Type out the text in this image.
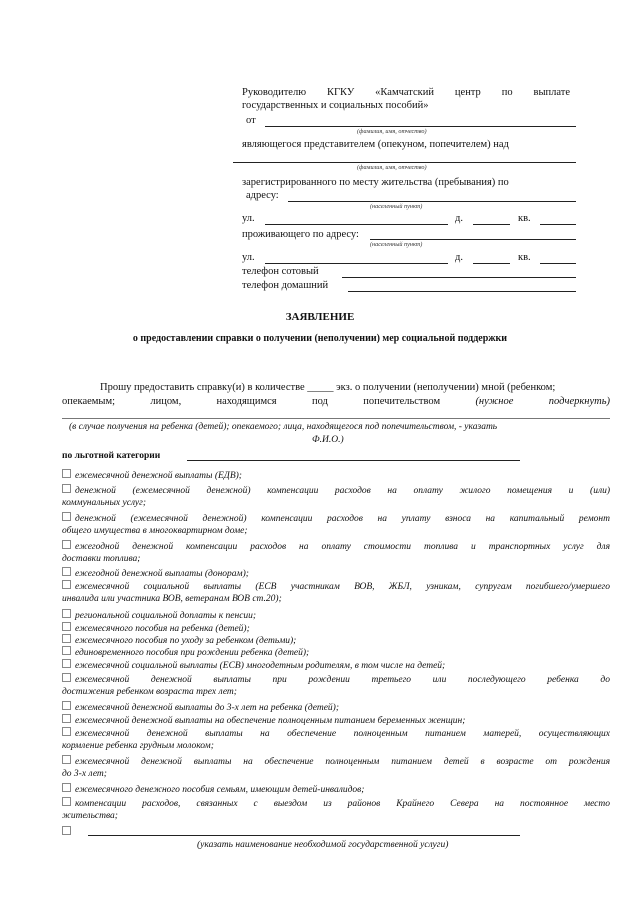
Руководителю КГКУ «Камчатский центр по выплате
государственных и социальных пособий»
от
(фамилия, имя, отчество)
являющегося представителем (опекуном, попечителем) над
(фамилия, имя, отчество)
зарегистрированного по месту жительства (пребывания) по
адресу:
(населенный пункт)
ул.	д.	кв.
проживающего по адресу:
(населенный пункт)
ул.	д.	кв.
телефон сотовый
телефон домашний
ЗАЯВЛЕНИЕ
о предоставлении справки о получении (неполучении) мер социальной поддержки
Прошу предоставить справку(и) в количестве _____ экз. о получении (неполучении) мной (ребенком;
опекаемым;	лицом,	находящимся	под	попечительством	(нужное	подчеркнуть)
(в случае получения на ребенка (детей); опекаемого; лица, находящегося под попечительством, - указать
Ф.И.О.)
по льготной категории
ежемесячной денежной выплаты (ЕДВ);
денежной (ежемесячной денежной) компенсации расходов на оплату жилого помещения и (или)
коммунальных услуг;
денежной (ежемесячной денежной) компенсации расходов на уплату взноса на капитальный ремонт
общего имущества в многоквартирном доме;
ежегодной денежной компенсации расходов на оплату стоимости топлива и транспортных услуг для
доставки топлива;
ежегодной денежной выплаты (донорам);
ежемесячной социальной выплаты (ЕСВ участникам ВОВ, ЖБЛ, узникам, супругам погибшего/умершего
инвалида или участника ВОВ, ветеранам ВОВ ст.20);
региональной социальной доплаты к пенсии;
ежемесячного пособия на ребенка (детей);
ежемесячного пособия по уходу за ребенком (детьми);
единовременного пособия при рождении ребенка (детей);
ежемесячной социальной выплаты (ЕСВ) многодетным родителям, в том числе на детей;
ежемесячной денежной выплаты при рождении третьего или последующего ребенка до
достижения ребенком возраста трех лет;
ежемесячной денежной выплаты до 3-х лет на ребенка (детей);
ежемесячной денежной выплаты на обеспечение полноценным питанием беременных женщин;
ежемесячной денежной выплаты на обеспечение полноценным питанием матерей, осуществляющих
кормление ребенка грудным молоком;
ежемесячной денежной выплаты на обеспечение полноценным питанием детей в возрасте от рождения
до 3-х лет;
ежемесячного денежного пособия семьям, имеющим детей-инвалидов;
компенсации расходов, связанных с выездом из районов Крайнего Севера на постоянное место
жительства;
(указать наименование необходимой государственной услуги)
